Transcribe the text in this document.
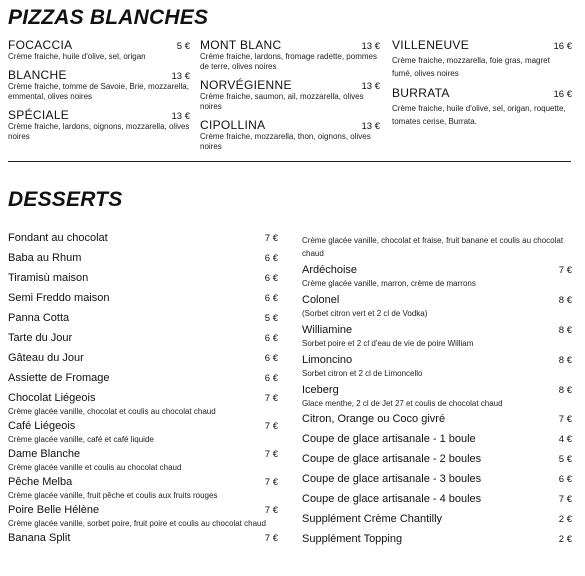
PIZZAS BLANCHES
FOCACCIA	5 €
Crème fraiche, huile d'olive, sel, origan
BLANCHE	13 €
Crème fraiche, tomme de Savoie, Brie, mozzarella, emmental, olives noires
SPÉCIALE	13 €
Crème fraiche, lardons, oignons, mozzarella, olives noires
MONT BLANC	13 €
Crème fraiche, lardons, fromage radette, pommes de terre, olives noires
NORVÉGIENNE	13 €
Crème fraiche, saumon, ail, mozzarella, olives noires
CIPOLLINA	13 €
Crème fraiche, mozzarella, thon, oignons, olives noires
VILLENEUVE	16 €
Crème fraiche, mozzarella, foie gras, magret fumé, olives noires
BURRATA	16 €
Crème fraiche, huile d'olive, sel, origan, roquette, tomates cerise, Burrata.
DESSERTS
Fondant au chocolat	7 €
Baba au Rhum	6 €
Tiramisù maison	6 €
Semi Freddo maison	6 €
Panna Cotta	5 €
Tarte du Jour	6 €
Gâteau du Jour	6 €
Assiette de Fromage	6 €
Chocolat Liégeois	7 €
Crème glacée vanille, chocolat et coulis au chocolat chaud
Café Liégeois	7 €
Crème glacée vanille, café et café liquide
Dame Blanche	7 €
Crème glacée vanille et coulis au chocolat chaud
Pêche Melba	7 €
Crème glacée vanille, fruit pêche et coulis aux fruits rouges
Poire Belle Hélène	7 €
Crème glacée vanille, sorbet poire, fruit poire et coulis au chocolat chaud
Banana Split	7 €
Crème glacée vanille, chocolat et fraise, fruit banane et coulis au chocolat chaud
Ardéchoise	7 €
Crème glacée vanille, marron, crème de marrons
Colonel	8 €
(Sorbet citron vert et 2 cl de Vodka)
Williamine	8 €
Sorbet poire et 2 cl d'eau de vie de poire William
Limoncino	8 €
Sorbet citron et 2 cl de Limoncello
Iceberg	8 €
Glace menthe, 2 cl de Jet 27 et coulis de chocolat chaud
Citron, Orange ou Coco givré	7 €
Coupe de glace artisanale - 1 boule	4 €
Coupe de glace artisanale - 2 boules	5 €
Coupe de glace artisanale - 3 boules	6 €
Coupe de glace artisanale - 4 boules	7 €
Supplément Crème Chantilly	2 €
Supplément Topping	2 €
